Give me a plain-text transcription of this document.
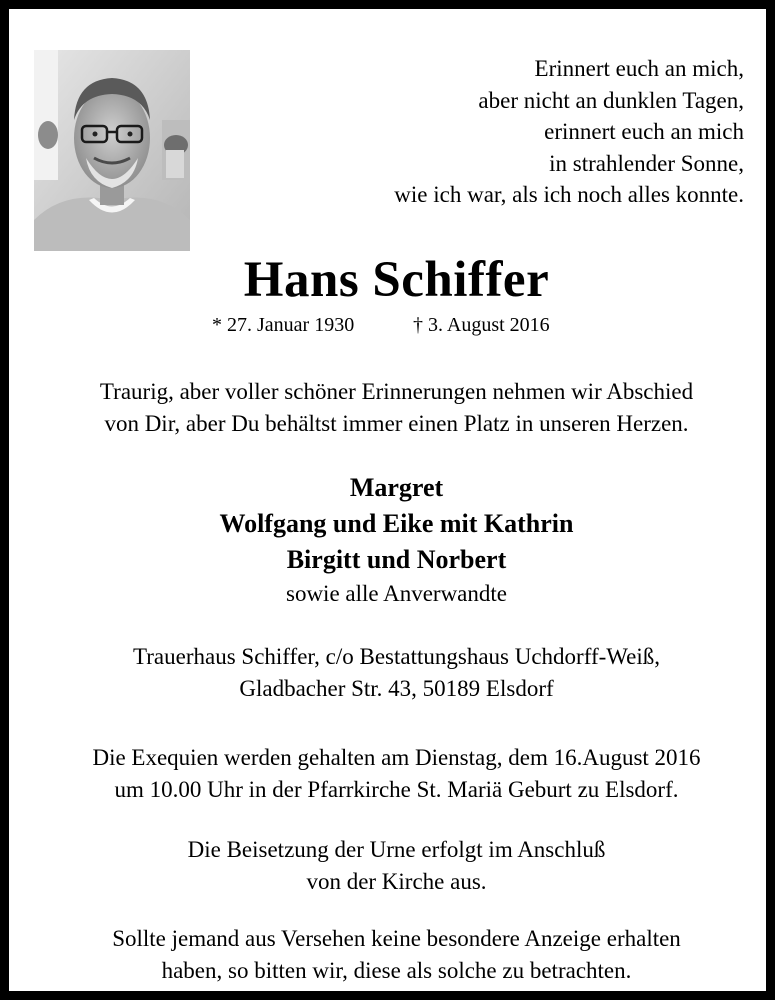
Erinnert euch an mich,
aber nicht an dunklen Tagen,
erinnert euch an mich
in strahlender Sonne,
wie ich war, als ich noch alles konnte.
Hans Schiffer
* 27. Januar 1930	† 3. August 2016
Traurig, aber voller schöner Erinnerungen nehmen wir Abschied
von Dir, aber Du behältst immer einen Platz in unseren Herzen.
Margret
Wolfgang und Eike mit Kathrin
Birgitt und Norbert
sowie alle Anverwandte
Trauerhaus Schiffer, c/o Bestattungshaus Uchdorff-Weiß,
Gladbacher Str. 43, 50189 Elsdorf
Die Exequien werden gehalten am Dienstag, dem 16.August 2016
um 10.00 Uhr in der Pfarrkirche St. Mariä Geburt zu Elsdorf.
Die Beisetzung der Urne erfolgt im Anschluß
von der Kirche aus.
Sollte jemand aus Versehen keine besondere Anzeige erhalten
haben, so bitten wir, diese als solche zu betrachten.
